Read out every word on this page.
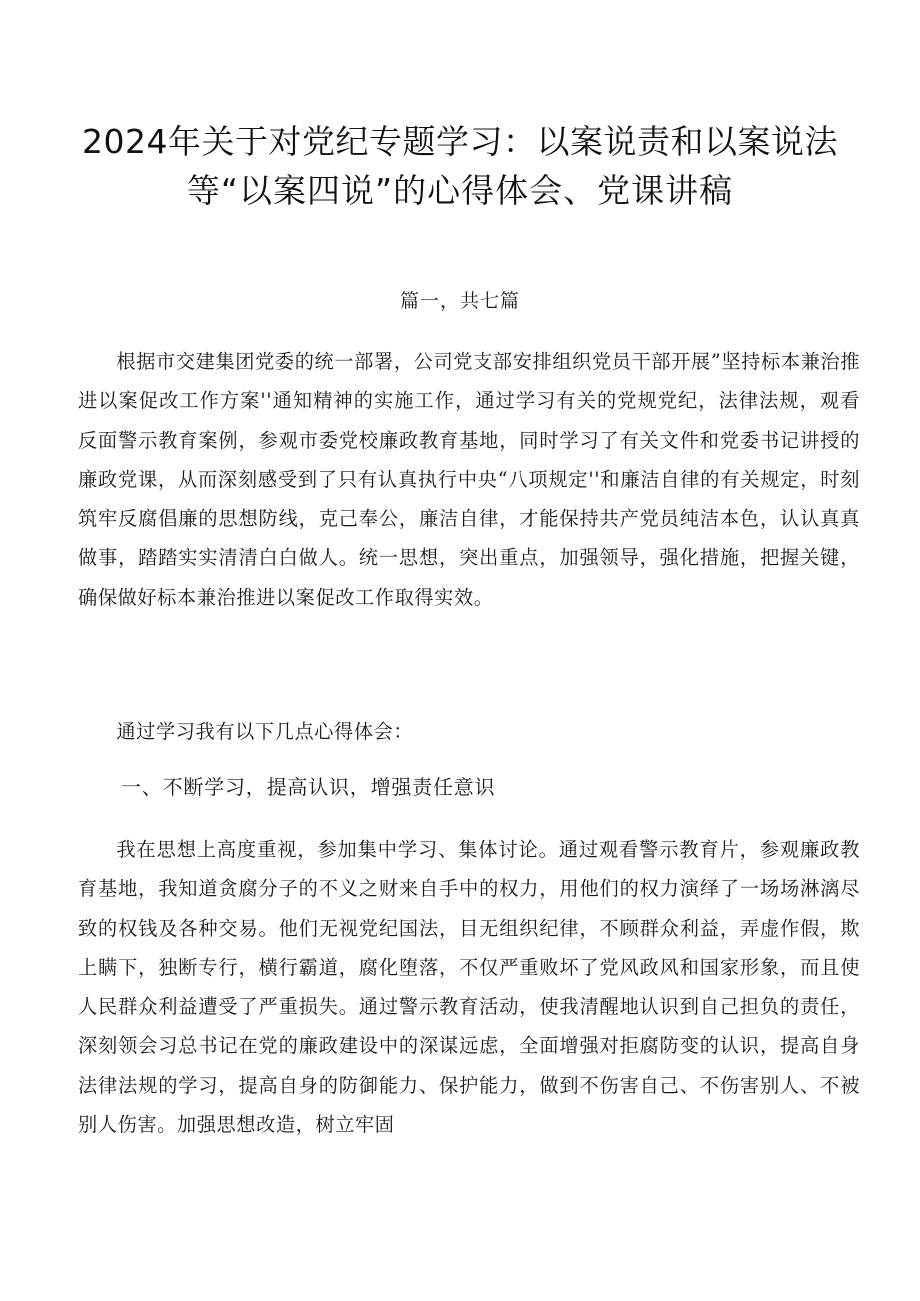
2024年关于对党纪专题学习：以案说责和以案说法
等“以案四说”的心得体会、党课讲稿
篇一，共七篇

根据市交建集团党委的统一部署，公司党支部安排组织党员干部开展”坚持标本兼治推进以案促改工作方案''通知精神的实施工作，通过学习有关的党规党纪，法律法规，观看反面警示教育案例，参观市委党校廉政教育基地，同时学习了有关文件和党委书记讲授的廉政党课，从而深刻感受到了只有认真执行中央“八项规定''和廉洁自律的有关规定，时刻筑牢反腐倡廉的思想防线，克己奉公，廉洁自律，才能保持共产党员纯洁本色，认认真真做事，踏踏实实清清白白做人。统一思想，突出重点，加强领导，强化措施，把握关键，确保做好标本兼治推进以案促改工作取得实效。

通过学习我有以下几点心得体会：

一、不断学习，提高认识，增强责任意识

我在思想上高度重视，参加集中学习、集体讨论。通过观看警示教育片，参观廉政教育基地，我知道贪腐分子的不义之财来自手中的权力，用他们的权力演绎了一场场淋漓尽致的权钱及各种交易。他们无视党纪国法，目无组织纪律，不顾群众利益，弄虚作假，欺上瞒下，独断专行，横行霸道，腐化堕落，不仅严重败坏了党风政风和国家形象，而且使人民群众利益遭受了严重损失。通过警示教育活动，使我清醒地认识到自己担负的责任，深刻领会习总书记在党的廉政建设中的深谋远虑，全面增强对拒腐防变的认识，提高自身法律法规的学习，提高自身的防御能力、保护能力，做到不伤害自己、不伤害别人、不被别人伤害。加强思想改造，树立牢固
